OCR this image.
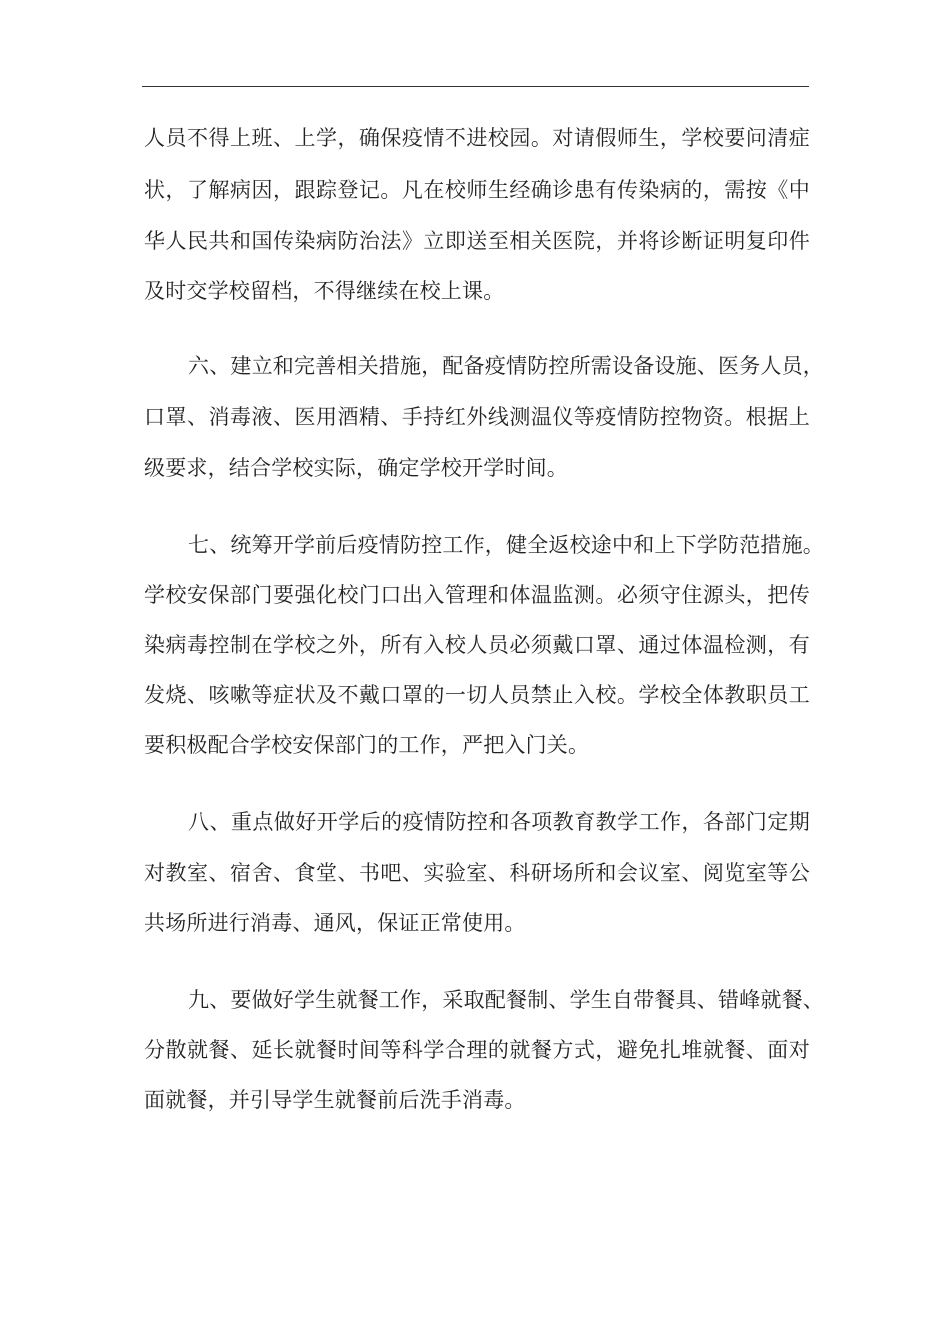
人员不得上班、上学，确保疫情不进校园。对请假师生，学校要问清症
状，了解病因，跟踪登记。凡在校师生经确诊患有传染病的，需按《中
华人民共和国传染病防治法》立即送至相关医院，并将诊断证明复印件
及时交学校留档，不得继续在校上课。
六、建立和完善相关措施，配备疫情防控所需设备设施、医务人员，
口罩、消毒液、医用酒精、手持红外线测温仪等疫情防控物资。根据上
级要求，结合学校实际，确定学校开学时间。
七、统筹开学前后疫情防控工作，健全返校途中和上下学防范措施。
学校安保部门要强化校门口出入管理和体温监测。必须守住源头，把传
染病毒控制在学校之外，所有入校人员必须戴口罩、通过体温检测，有
发烧、咳嗽等症状及不戴口罩的一切人员禁止入校。学校全体教职员工
要积极配合学校安保部门的工作，严把入门关。
八、重点做好开学后的疫情防控和各项教育教学工作，各部门定期
对教室、宿舍、食堂、书吧、实验室、科研场所和会议室、阅览室等公
共场所进行消毒、通风，保证正常使用。
九、要做好学生就餐工作，采取配餐制、学生自带餐具、错峰就餐、
分散就餐、延长就餐时间等科学合理的就餐方式，避免扎堆就餐、面对
面就餐，并引导学生就餐前后洗手消毒。
